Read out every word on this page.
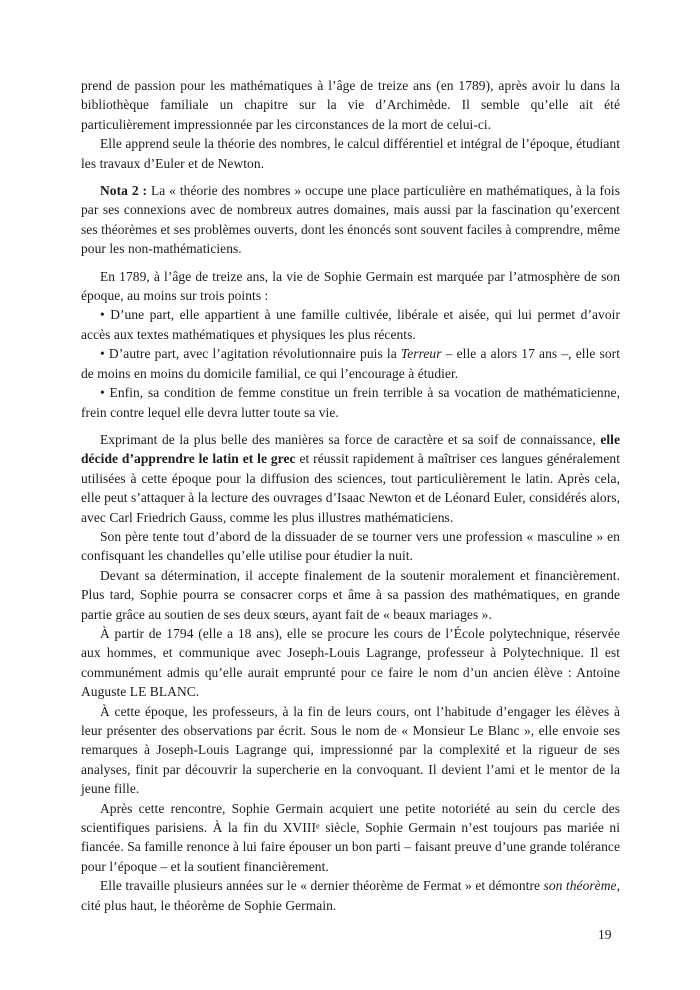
prend de passion pour les mathématiques à l’âge de treize ans (en 1789), après avoir lu dans la bibliothèque familiale un chapitre sur la vie d’Archimède. Il semble qu’elle ait été particulièrement impressionnée par les circonstances de la mort de celui-ci.

Elle apprend seule la théorie des nombres, le calcul différentiel et intégral de l’époque, étudiant les travaux d’Euler et de Newton.

Nota 2 : La « théorie des nombres » occupe une place particulière en mathématiques, à la fois par ses connexions avec de nombreux autres domaines, mais aussi par la fascination qu’exercent ses théorèmes et ses problèmes ouverts, dont les énoncés sont souvent faciles à comprendre, même pour les non-mathématiciens.

En 1789, à l’âge de treize ans, la vie de Sophie Germain est marquée par l’atmosphère de son époque, au moins sur trois points :

• D’une part, elle appartient à une famille cultivée, libérale et aisée, qui lui permet d’avoir accès aux textes mathématiques et physiques les plus récents.

• D’autre part, avec l’agitation révolutionnaire puis la Terreur – elle a alors 17 ans –, elle sort de moins en moins du domicile familial, ce qui l’encourage à étudier.

• Enfin, sa condition de femme constitue un frein terrible à sa vocation de mathématicienne, frein contre lequel elle devra lutter toute sa vie.

Exprimant de la plus belle des manières sa force de caractère et sa soif de connaissance, elle décide d’apprendre le latin et le grec et réussit rapidement à maîtriser ces langues généralement utilisées à cette époque pour la diffusion des sciences, tout particulièrement le latin. Après cela, elle peut s’attaquer à la lecture des ouvrages d’Isaac Newton et de Léonard Euler, considérés alors, avec Carl Friedrich Gauss, comme les plus illustres mathématiciens.

Son père tente tout d’abord de la dissuader de se tourner vers une profession « masculine » en confisquant les chandelles qu’elle utilise pour étudier la nuit.

Devant sa détermination, il accepte finalement de la soutenir moralement et financièrement. Plus tard, Sophie pourra se consacrer corps et âme à sa passion des mathématiques, en grande partie grâce au soutien de ses deux sœurs, ayant fait de « beaux mariages ».

À partir de 1794 (elle a 18 ans), elle se procure les cours de l’École polytechnique, réservée aux hommes, et communique avec Joseph-Louis Lagrange, professeur à Polytechnique. Il est communément admis qu’elle aurait emprunté pour ce faire le nom d’un ancien élève : Antoine Auguste LE BLANC.

À cette époque, les professeurs, à la fin de leurs cours, ont l’habitude d’engager les élèves à leur présenter des observations par écrit. Sous le nom de « Monsieur Le Blanc », elle envoie ses remarques à Joseph-Louis Lagrange qui, impressionné par la complexité et la rigueur de ses analyses, finit par découvrir la supercherie en la convoquant. Il devient l’ami et le mentor de la jeune fille.

Après cette rencontre, Sophie Germain acquiert une petite notoriété au sein du cercle des scientifiques parisiens. À la fin du XVIIIe siècle, Sophie Germain n’est toujours pas mariée ni fiancée. Sa famille renonce à lui faire épouser un bon parti – faisant preuve d’une grande tolérance pour l’époque – et la soutient financièrement.

Elle travaille plusieurs années sur le « dernier théorème de Fermat » et démontre son théorème, cité plus haut, le théorème de Sophie Germain.

19
